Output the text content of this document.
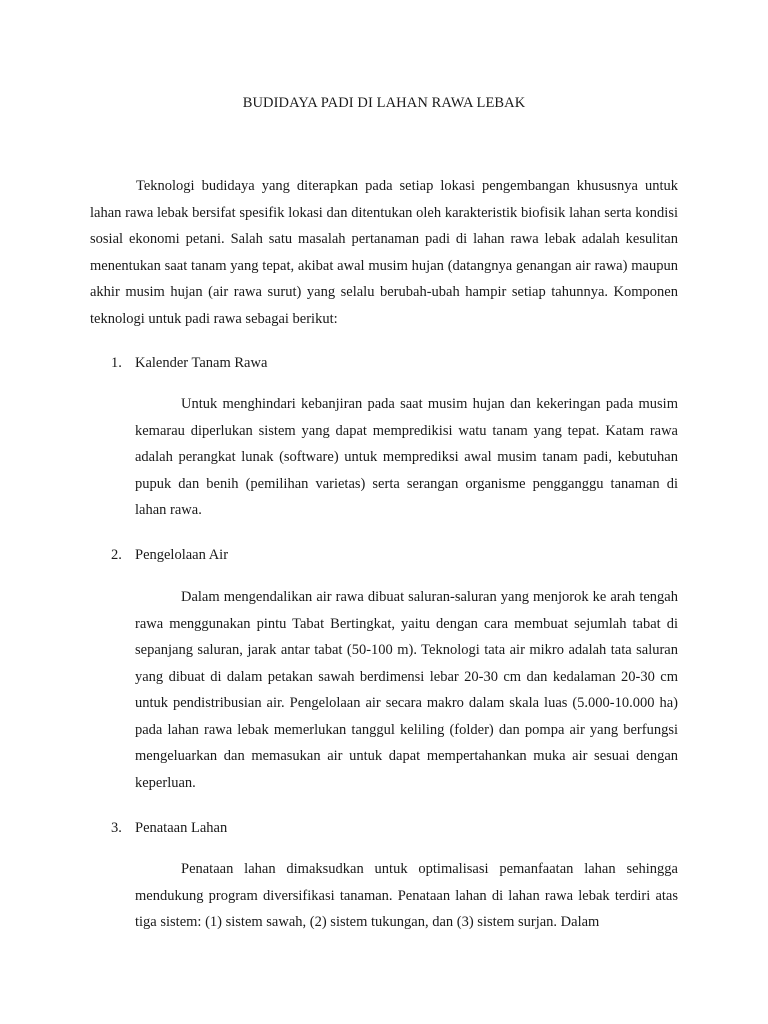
BUDIDAYA PADI DI LAHAN RAWA LEBAK

Teknologi budidaya yang diterapkan pada setiap lokasi pengembangan khususnya untuk lahan rawa lebak bersifat spesifik lokasi dan ditentukan oleh karakteristik biofisik lahan serta kondisi sosial ekonomi petani. Salah satu masalah pertanaman padi di lahan rawa lebak adalah kesulitan menentukan saat tanam yang tepat, akibat awal musim hujan (datangnya genangan air rawa) maupun akhir musim hujan (air rawa surut) yang selalu berubah-ubah hampir setiap tahunnya. Komponen teknologi untuk padi rawa sebagai berikut:

1. Kalender Tanam Rawa

Untuk menghindari kebanjiran pada saat musim hujan dan kekeringan pada musim kemarau diperlukan sistem yang dapat mempredikisi watu tanam yang tepat. Katam rawa adalah perangkat lunak (software) untuk memprediksi awal musim tanam padi, kebutuhan pupuk dan benih (pemilihan varietas) serta serangan organisme pengganggu tanaman di lahan rawa.

2. Pengelolaan Air

Dalam mengendalikan air rawa dibuat saluran-saluran yang menjorok ke arah tengah rawa menggunakan pintu Tabat Bertingkat, yaitu dengan cara membuat sejumlah tabat di sepanjang saluran, jarak antar tabat (50-100 m). Teknologi tata air mikro adalah tata saluran yang dibuat di dalam petakan sawah berdimensi lebar 20-30 cm dan kedalaman 20-30 cm untuk pendistribusian air. Pengelolaan air secara makro dalam skala luas (5.000-10.000 ha) pada lahan rawa lebak memerlukan tanggul keliling (folder) dan pompa air yang berfungsi mengeluarkan dan memasukan air untuk dapat mempertahankan muka air sesuai dengan keperluan.

3. Penataan Lahan

Penataan lahan dimaksudkan untuk optimalisasi pemanfaatan lahan sehingga mendukung program diversifikasi tanaman. Penataan lahan di lahan rawa lebak terdiri atas tiga sistem: (1) sistem sawah, (2) sistem tukungan, dan (3) sistem surjan. Dalam
